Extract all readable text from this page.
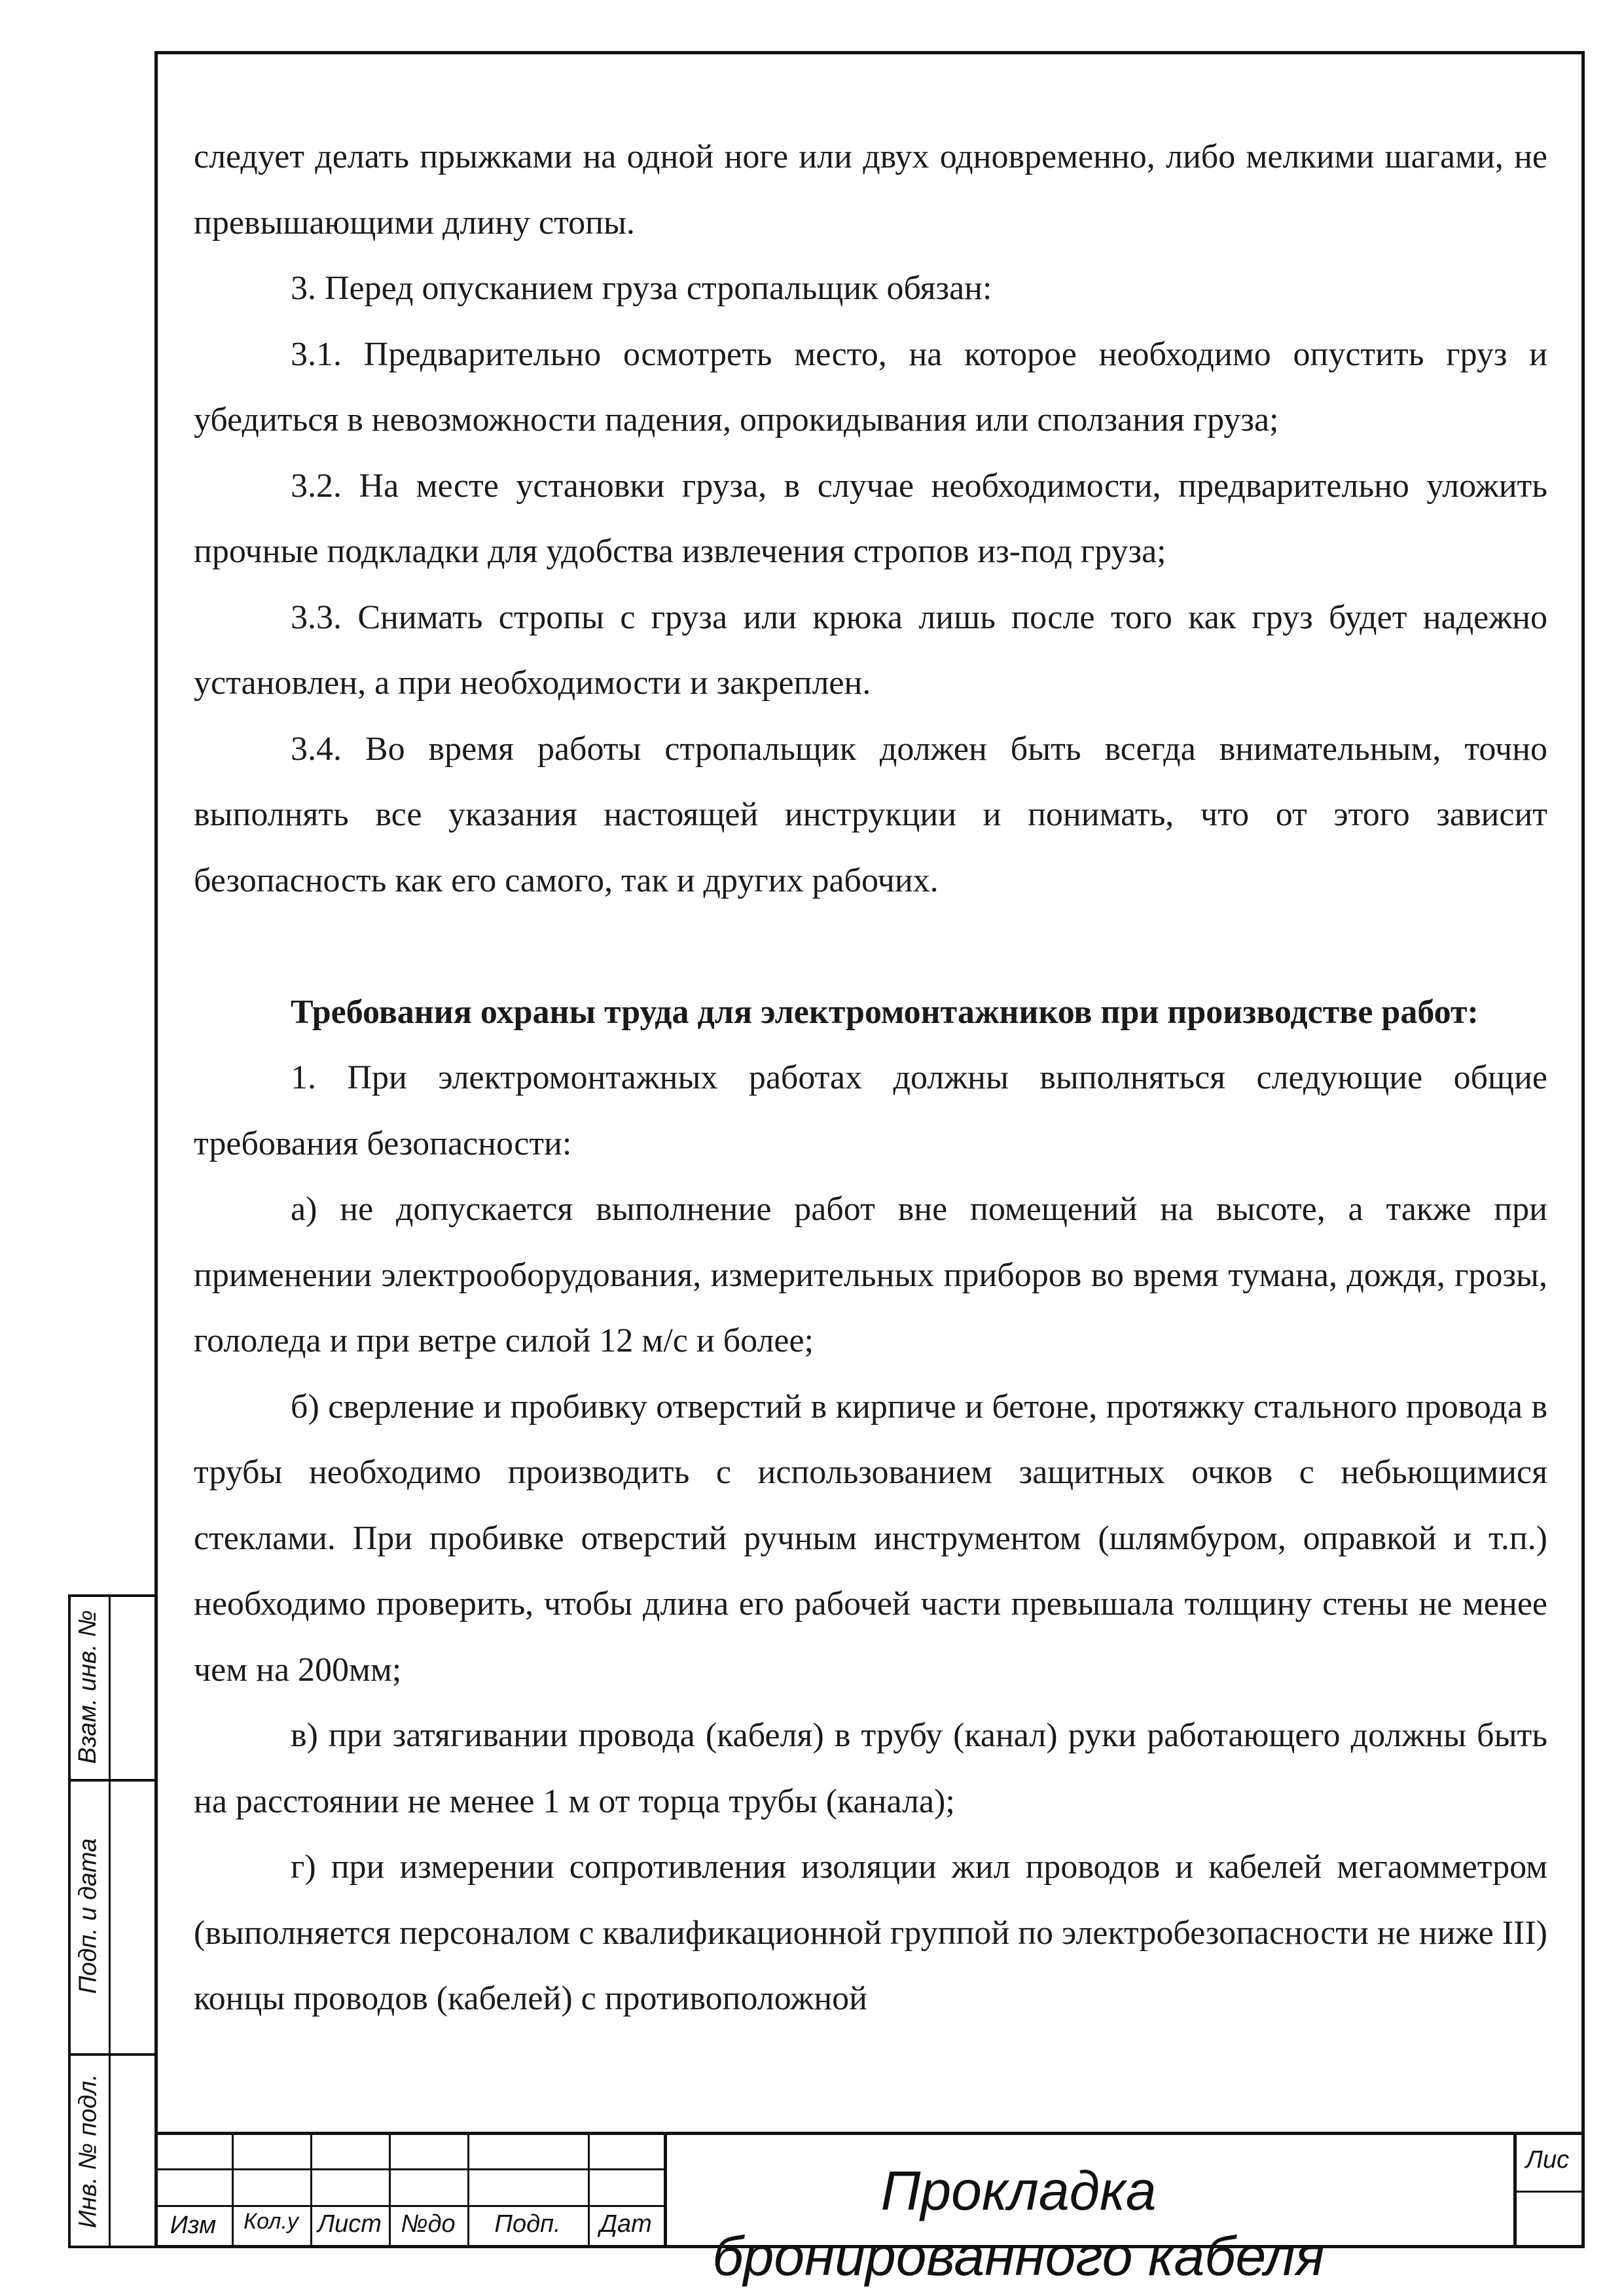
следует делать прыжками на одной ноге или двух одновременно, либо мелкими шагами, не превышающими длину стопы.

3. Перед опусканием груза стропальщик обязан:

3.1. Предварительно осмотреть место, на которое необходимо опустить груз и убедиться в невозможности падения, опрокидывания или сползания груза;

3.2. На месте установки груза, в случае необходимости, предварительно уложить прочные подкладки для удобства извлечения стропов из-под груза;

3.3. Снимать стропы с груза или крюка лишь после того как груз будет надежно установлен, а при необходимости и закреплен.

3.4. Во время работы стропальщик должен быть всегда внимательным, точно выполнять все указания настоящей инструкции и понимать, что от этого зависит безопасность как его самого, так и других рабочих.

Требования охраны труда для электромонтажников при производстве работ:

1. При электромонтажных работах должны выполняться следующие общие требования безопасности:

а) не допускается выполнение работ вне помещений на высоте, а также при применении электрооборудования, измерительных приборов во время тумана, дождя, грозы, гололеда и при ветре силой 12 м/с и более;

б) сверление и пробивку отверстий в кирпиче и бетоне, протяжку стального провода в трубы необходимо производить с использованием защитных очков с небьющимися стеклами. При пробивке отверстий ручным инструментом (шлямбуром, оправкой и т.п.) необходимо проверить, чтобы длина его рабочей части превышала толщину стены не менее чем на 200мм;

в) при затягивании провода (кабеля) в трубу (канал) руки работающего должны быть на расстоянии не менее 1 м от торца трубы (канала);

г) при измерении сопротивления изоляции жил проводов и кабелей мегаомметром (выполняется персоналом с квалификационной группой по электробезопасности не ниже III) концы проводов (кабелей) с противоположной

Взам. инв. №
Подп. и дата
Инв. № подл.	Изм	Кол.у Лист №до	Подп.	Дат
Прокладка бронированного кабеля
Лис
